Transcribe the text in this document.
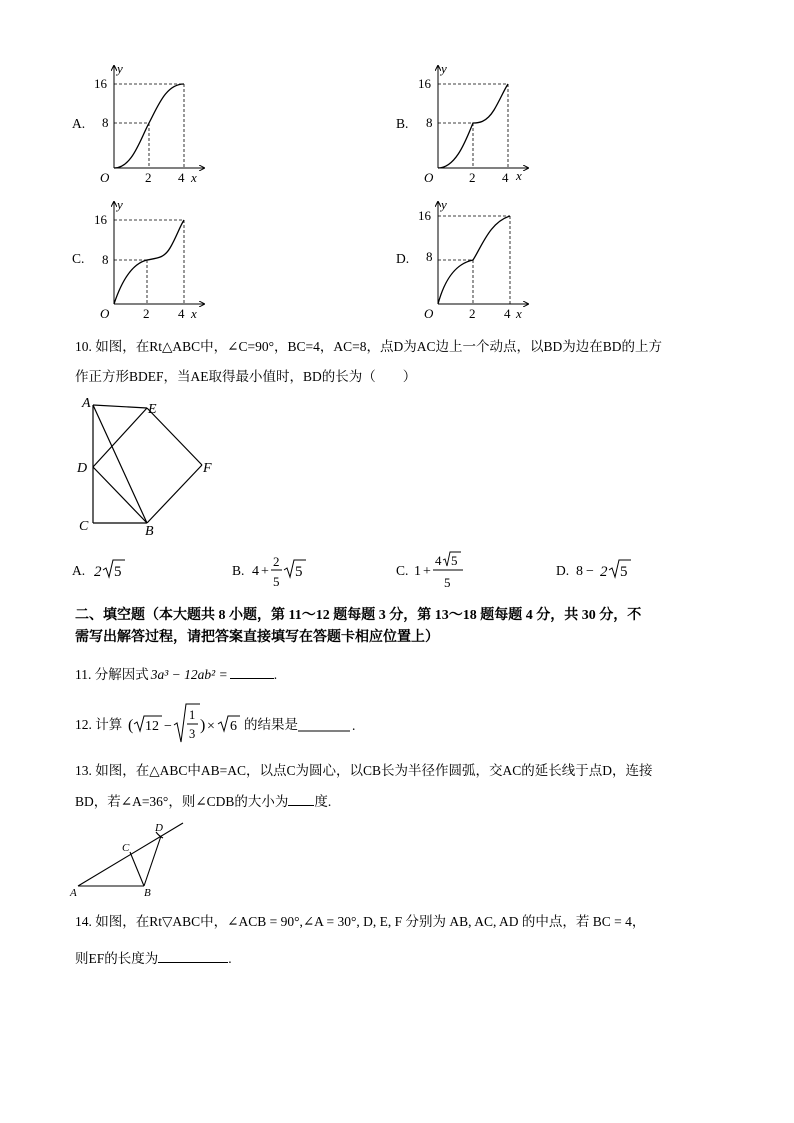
A.
16
8
O	2 4 x
y
B.
16
8
O	2 4 x
y
C.
16
8
O	2 4 x
y
D.
16
8
O	2 4 x
y
10. 如图，在Rt△ABC中，∠C=90°，BC=4，AC=8，点D为AC边上一个动点，以BD为边在BD的上方
作正方形BDEF，当AE取得最小值时，BD的长为（　　）
A	E
D	F
C	B
A. 2 5	B. 4 +
2
5
5	C. 1 +
4 5
5
D. 8 − 2 5
二、填空题（本大题共 8 小题，第 11～12 题每题 3 分，第 13～18 题每题 4 分，共 30 分，不
需写出解答过程，请把答案直接填写在答题卡相应位置上）
11. 分解因式 3a³ − 12ab² =	.
12. 计算 ( 12 −
1
3 ) × 6 的结果是	.
13. 如图，在△ABC中AB=AC，以点C为圆心，以CB长为半径作圆弧，交AC的延长线于点D，连接
BD，若∠A=36°，则∠CDB的大小为 度.
A	B
C
D
14. 如图，在Rt▽ABC中，∠ACB = 90°,∠A = 30°, D, E, F 分别为 AB, AC, AD 的中点，若 BC = 4，
则EF的长度为	.
